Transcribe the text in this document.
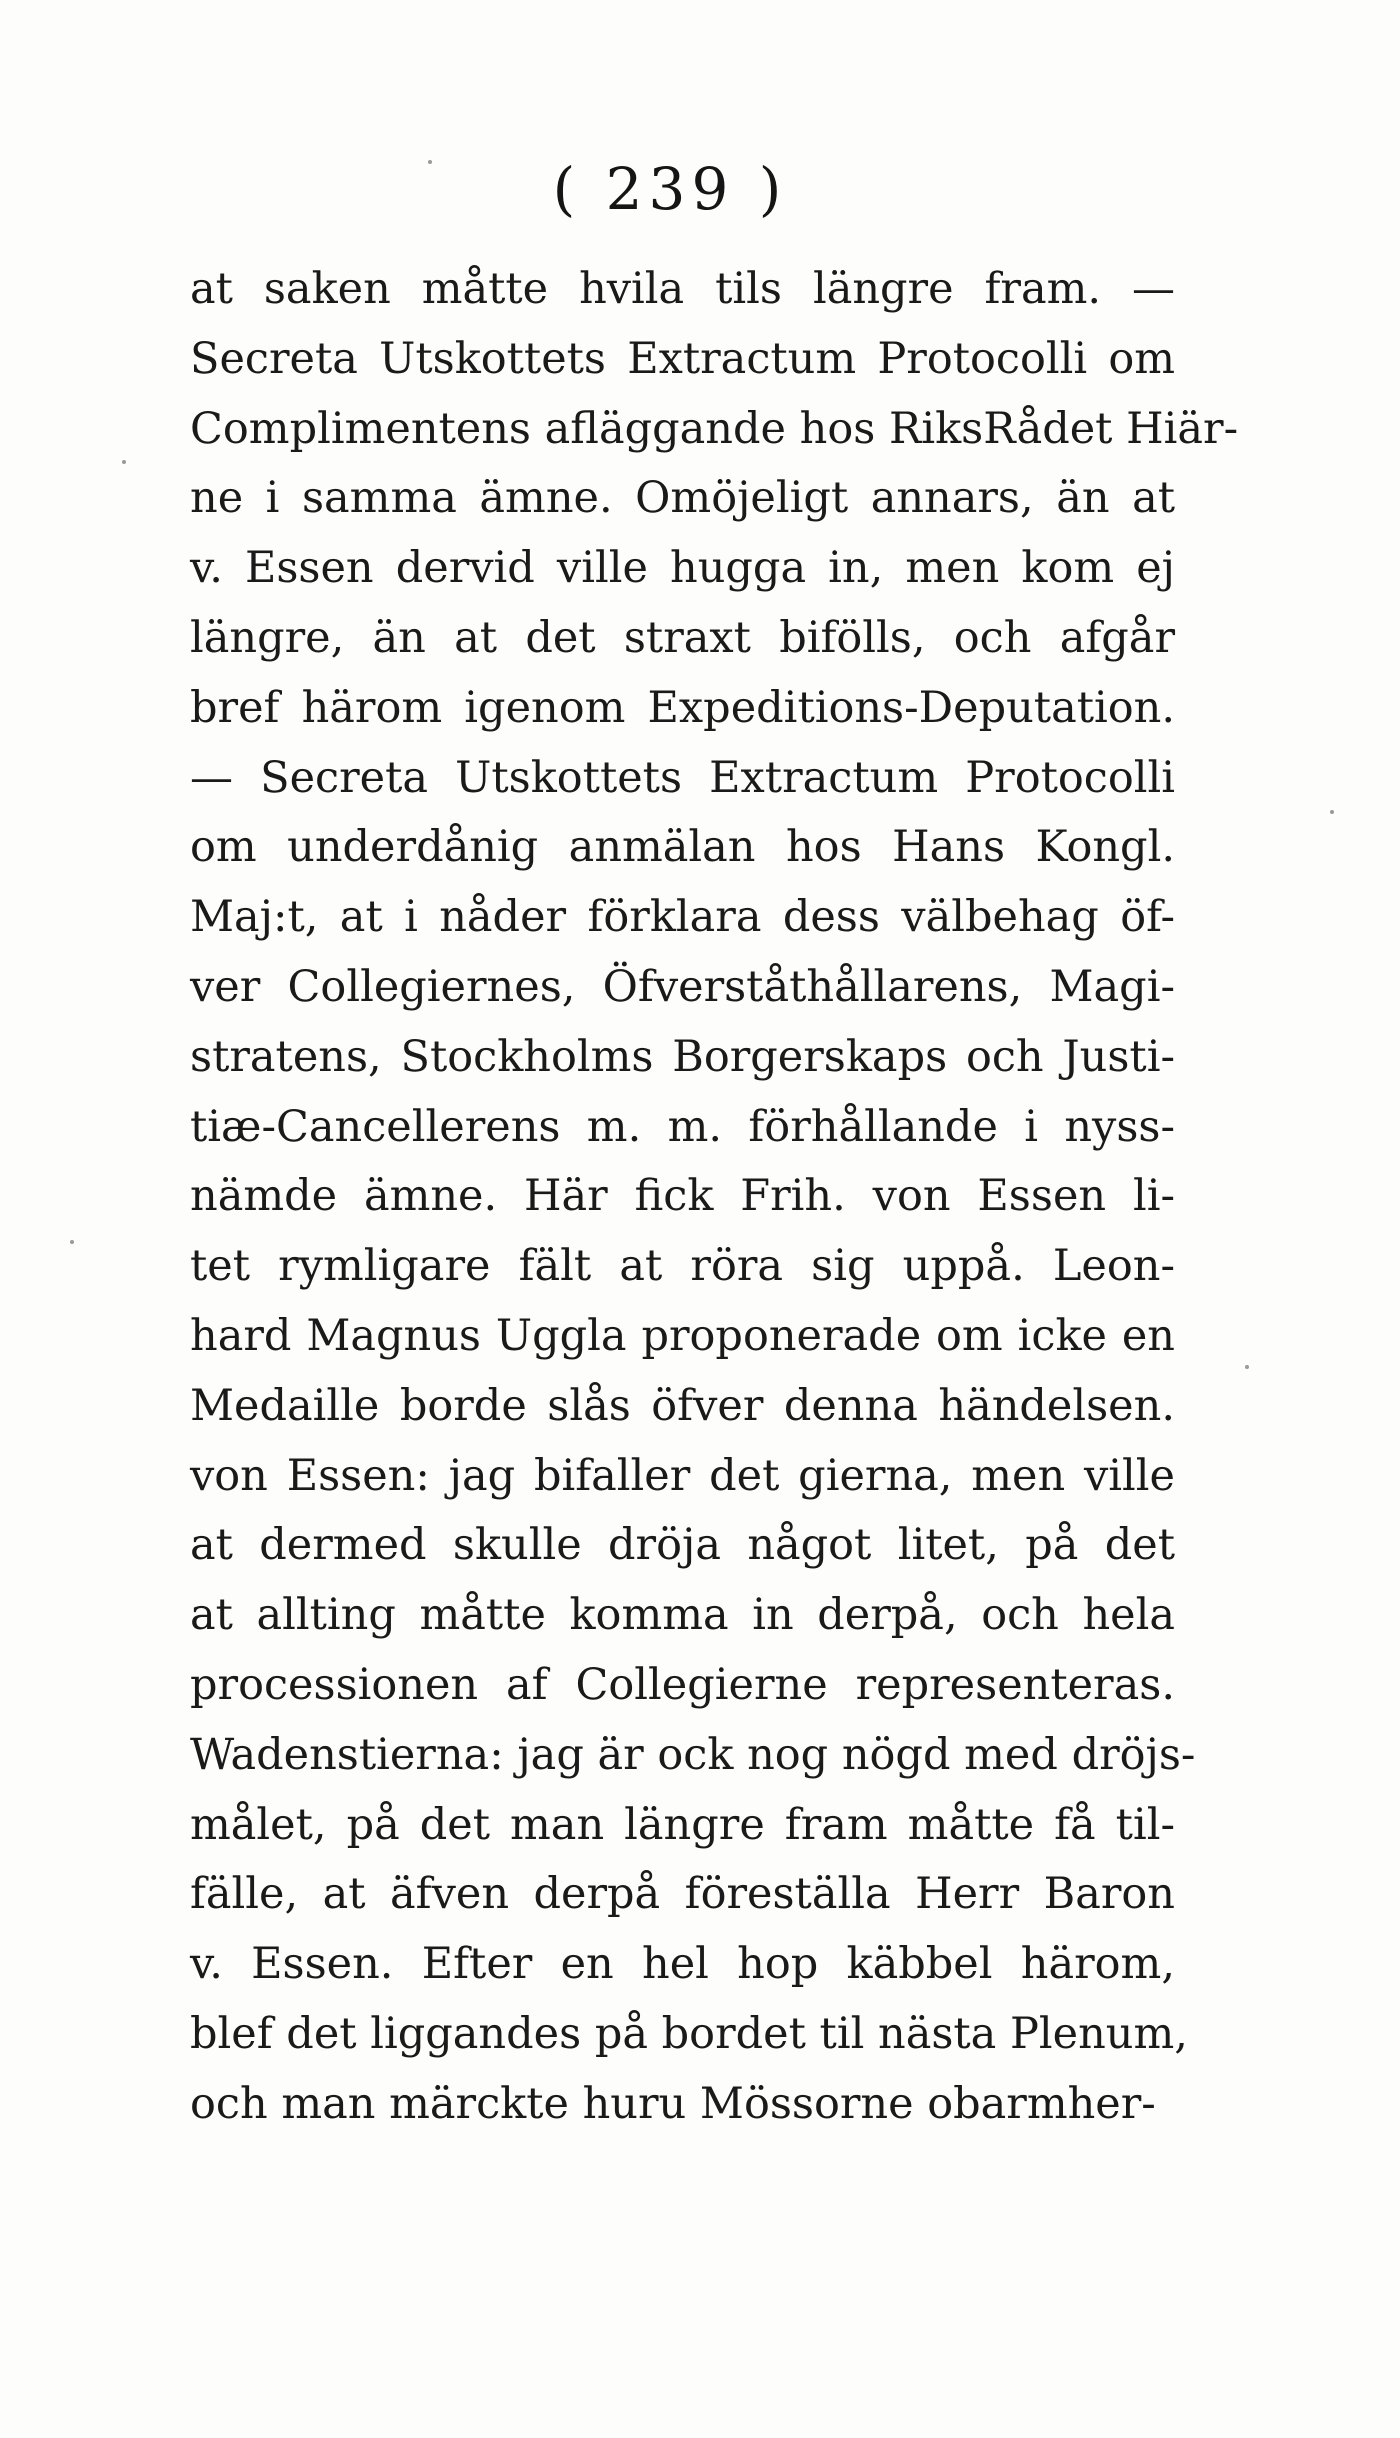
( 239 )
at saken måtte hvila tils längre fram. —
Secreta Utskottets Extractum Protocolli om
Complimentens afläggande hos RiksRådet Hiär-
ne i samma ämne. Omöjeligt annars, än at
v. Essen dervid ville hugga in, men kom ej
längre, än at det straxt bifölls, och afgår
bref härom igenom Expeditions-Deputation.
— Secreta Utskottets Extractum Protocolli
om underdånig anmälan hos Hans Kongl.
Maj:t, at i nåder förklara dess välbehag öf-
ver Collegiernes, Öfverståthållarens, Magi-
stratens, Stockholms Borgerskaps och Justi-
tiæ-Cancellerens m. m. förhållande i nyss-
nämde ämne. Här fick Frih. von Essen li-
tet rymligare fält at röra sig uppå. Leon-
hard Magnus Uggla proponerade om icke en
Medaille borde slås öfver denna händelsen.
von Essen: jag bifaller det gierna, men ville
at dermed skulle dröja något litet, på det
at allting måtte komma in derpå, och hela
processionen af Collegierne representeras.
Wadenstierna: jag är ock nog nögd med dröjs-
målet, på det man längre fram måtte få til-
fälle, at äfven derpå föreställa Herr Baron
v. Essen. Efter en hel hop käbbel härom,
blef det liggandes på bordet til nästa Plenum,
och man märckte huru Mössorne obarmher-
